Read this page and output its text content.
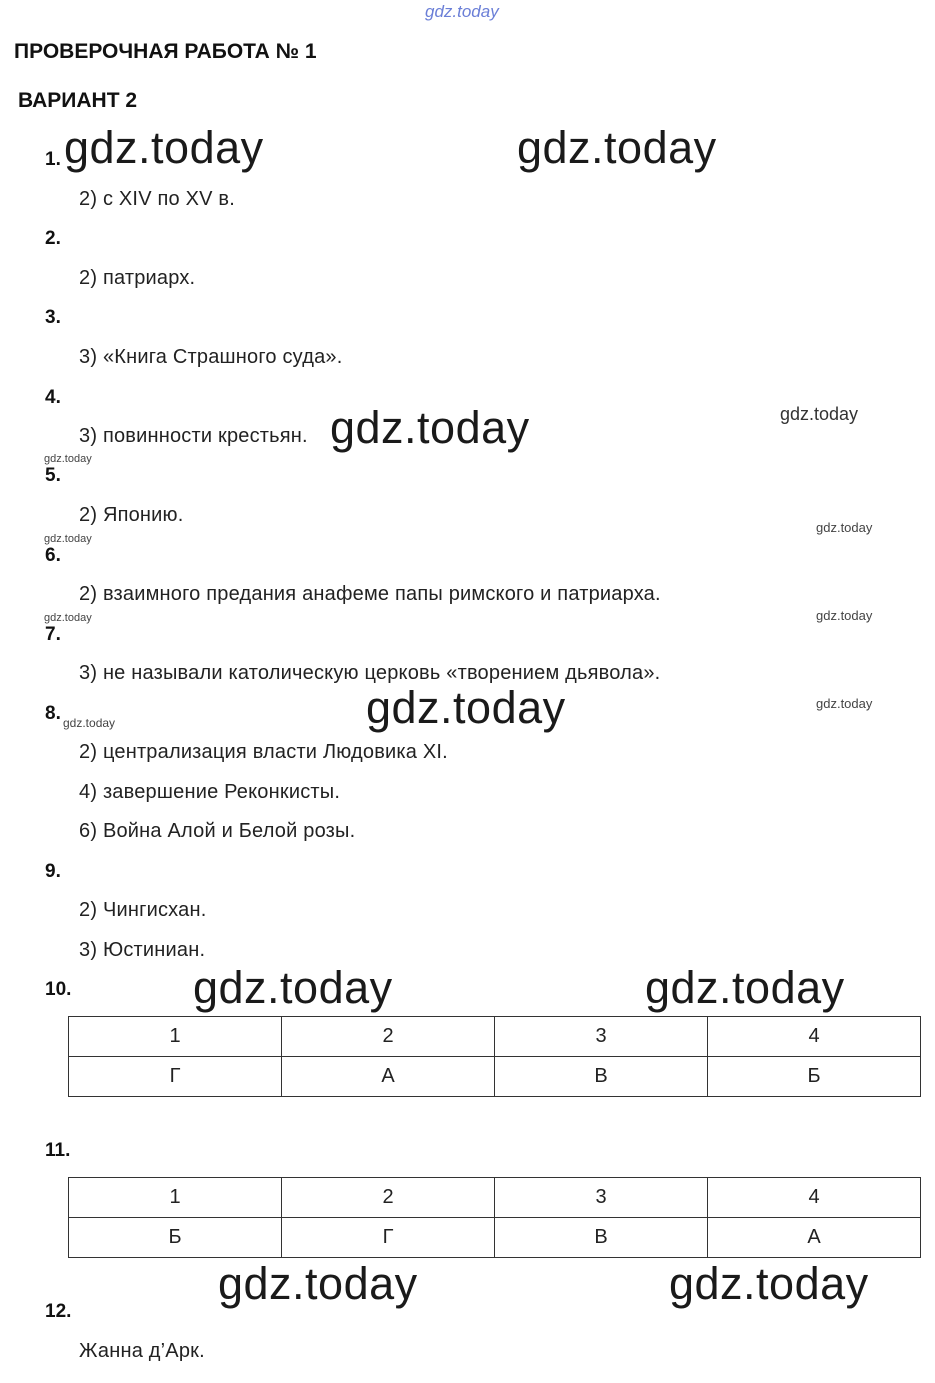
gdz.today
ПРОВЕРОЧНАЯ РАБОТА № 1
ВАРИАНТ 2
1.
2) с XIV по XV в.
2.
2) патриарх.
3.
3) «Книга Страшного суда».
4.
3) повинности крестьян.
5.
2) Японию.
6.
2) взаимного предания анафеме папы римского и патриарха.
7.
3) не называли католическую церковь «творением дьявола».
8.
2) централизация власти Людовика XI.
4) завершение Реконкисты.
6) Война Алой и Белой розы.
9.
2) Чингисхан.
3) Юстиниан.
10.
1	2	3	4
Г	А	В	Б
11.
1	2	3	4
Б	Г	В	А
12.
Жанна д’Арк.
gdz.today	gdz.today
gdz.today
gdz.today
gdz.today	gdz.today
gdz.today	gdz.today
gdz.today
gdz.today
gdz.today
gdz.today
gdz.today
gdz.today
gdz.today
gdz.today
